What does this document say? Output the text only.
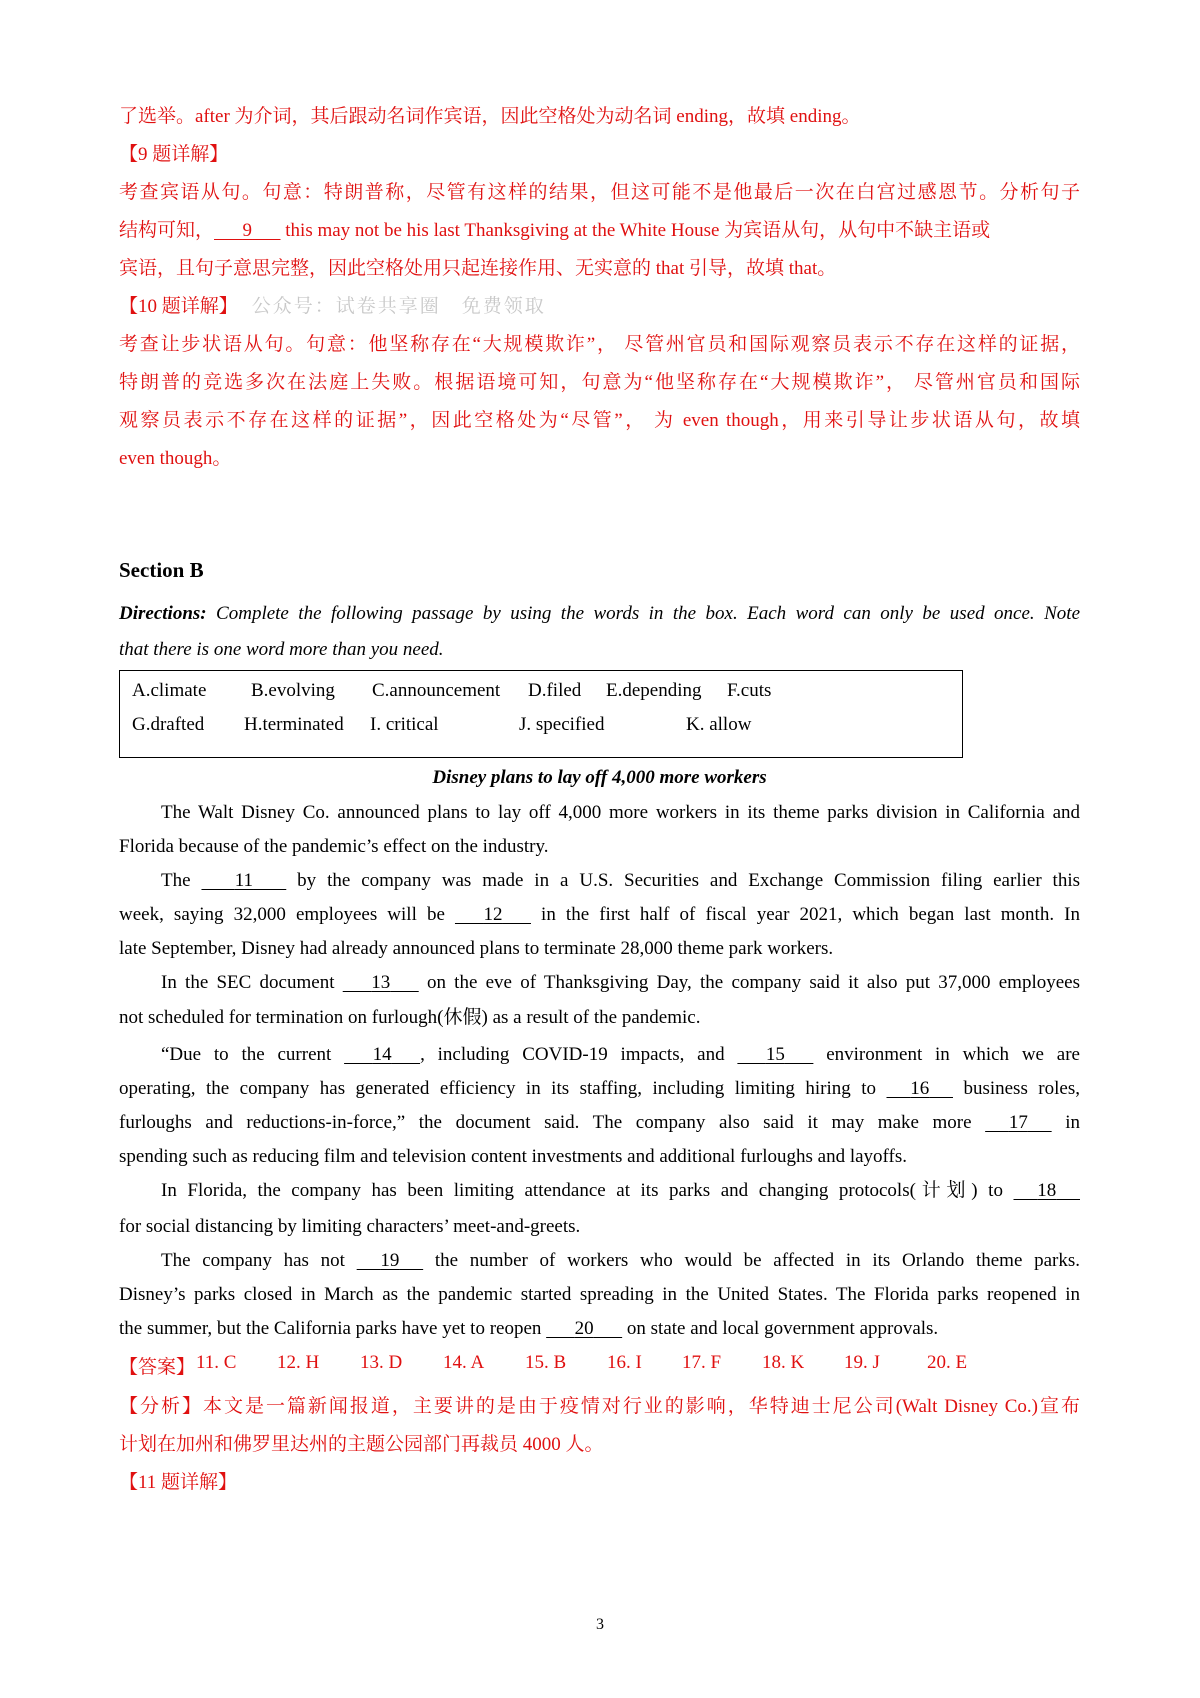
了选举。after 为介词，其后跟动名词作宾语，因此空格处为动名词 ending，故填 ending。
【9 题详解】
考查宾语从句。句意：特朗普称，尽管有这样的结果，但这可能不是他最后一次在白宫过感恩节。分析句子
结构可知， 9       this may not be his last Thanksgiving at the White House 为宾语从句，从句中不缺主语或
宾语，且句子意思完整，因此空格处用只起连接作用、无实意的 that 引导，故填 that。
【10 题详解】 公众号：试卷共享圈　免费领取
考查让步状语从句。句意：他坚称存在“大规模欺诈”， 尽管州官员和国际观察员表示不存在这样的证据，
特朗普的竞选多次在法庭上失败。根据语境可知，句意为“他坚称存在“大规模欺诈”， 尽管州官员和国际
观察员表示不存在这样的证据”，因此空格处为“尽管”， 为 even though，用来引导让步状语从句，故填
even though。
Section B
Directions: Complete the following passage by using the words in the box. Each word can only be used once. Note
that there is one word more than you need.
A.climate B.evolving C.announcement D.filed E.depending F.cuts
G.drafted H.terminated I. critical	J. specified	K. allow
Disney plans to lay off 4,000 more workers
The Walt Disney Co. announced plans to lay off 4,000 more workers in its theme parks division in California and
Florida because of the pandemic’s effect on the industry.
The        11        by the company was made in a U.S. Securities and Exchange Commission filing earlier this
week, saying 32,000 employees will be       12       in the first half of fiscal year 2021, which began last month. In
late September, Disney had already announced plans to terminate 28,000 theme park workers.
In the SEC document       13       on the eve of Thanksgiving Day, the company said it also put 37,000 employees
not scheduled for termination on furlough(休假) as a result of the pandemic.
“Due to the current       14 , including COVID-19 impacts, and       15       environment in which we are
operating, the company has generated efficiency in its staffing, including limiting hiring to      16      business roles,
furloughs and reductions-in-force,” the document said. The company also said it may make more      17      in
spending such as reducing film and television content investments and additional furloughs and layoffs.
In Florida, the company has been limiting attendance at its parks and changing protocols(计划) to      18
for social distancing by limiting characters’ meet-and-greets.
The company has not      19      the number of workers who would be affected in its Orlando theme parks.
Disney’s parks closed in March as the pandemic started spreading in the United States. The Florida parks reopened in
the summer, but the California parks have yet to reopen       20       on state and local government approvals.
【答案】 11. C 12. H 13. D 14. A 15. B 16. I 17. F 18. K 19. J 20. E
【分析】本文是一篇新闻报道，主要讲的是由于疫情对行业的影响，华特迪士尼公司(Walt Disney Co.)宣布
计划在加州和佛罗里达州的主题公园部门再裁员 4000 人。
【11 题详解】
3
